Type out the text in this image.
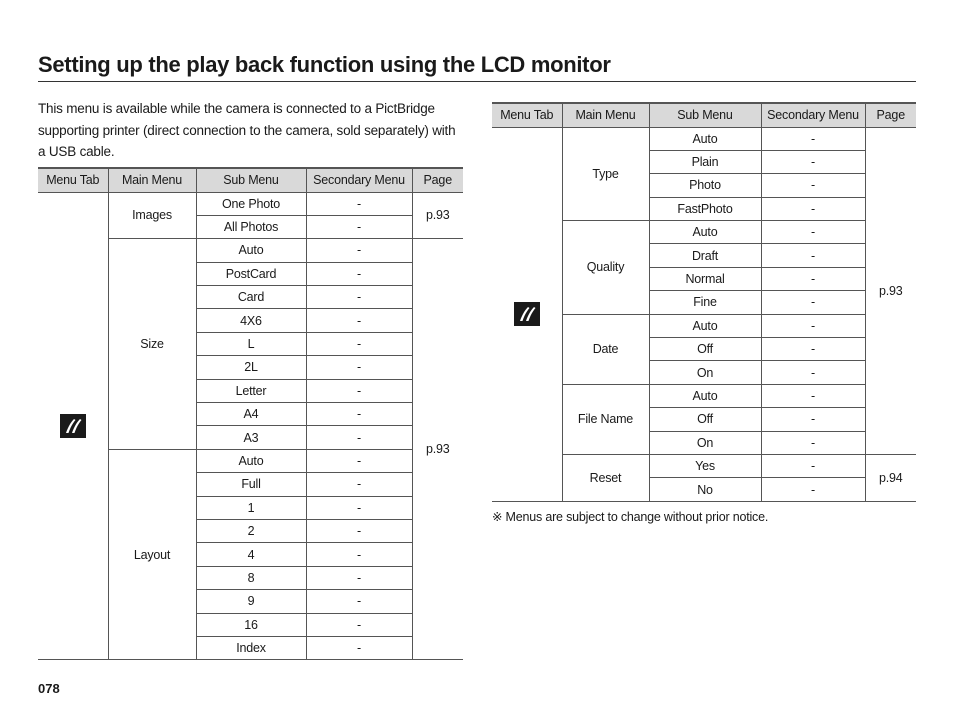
Setting up the play back function using the LCD monitor

This menu is available while the camera is connected to a PictBridge supporting printer (direct connection to the camera, sold separately) with a USB cable.

Menu Tab	Main Menu	Sub Menu	Secondary Menu	Page
	Images	One Photo	-	p.93
		All Photos	-	
	Size	Auto	-	p.93
		PostCard	-	
		Card	-	
		4X6	-	
		L	-	
		2L	-	
		Letter	-	
		A4	-	
		A3	-	
	Layout	Auto	-	
		Full	-	
		1	-	
		2	-	
		4	-	
		8	-	
		9	-	
		16	-	
		Index	-	
Menu Tab	Main Menu	Sub Menu	Secondary Menu	Page
	Type	Auto	-	p.93
		Plain	-	
		Photo	-	
		FastPhoto	-	
	Quality	Auto	-	
		Draft	-	
		Normal	-	
		Fine	-	
	Date	Auto	-	
		Off	-	
		On	-	
	File Name	Auto	-	
		Off	-	
		On	-	
	Reset	Yes	-	p.94
		No	-	

※ Menus are subject to change without prior notice.

078
